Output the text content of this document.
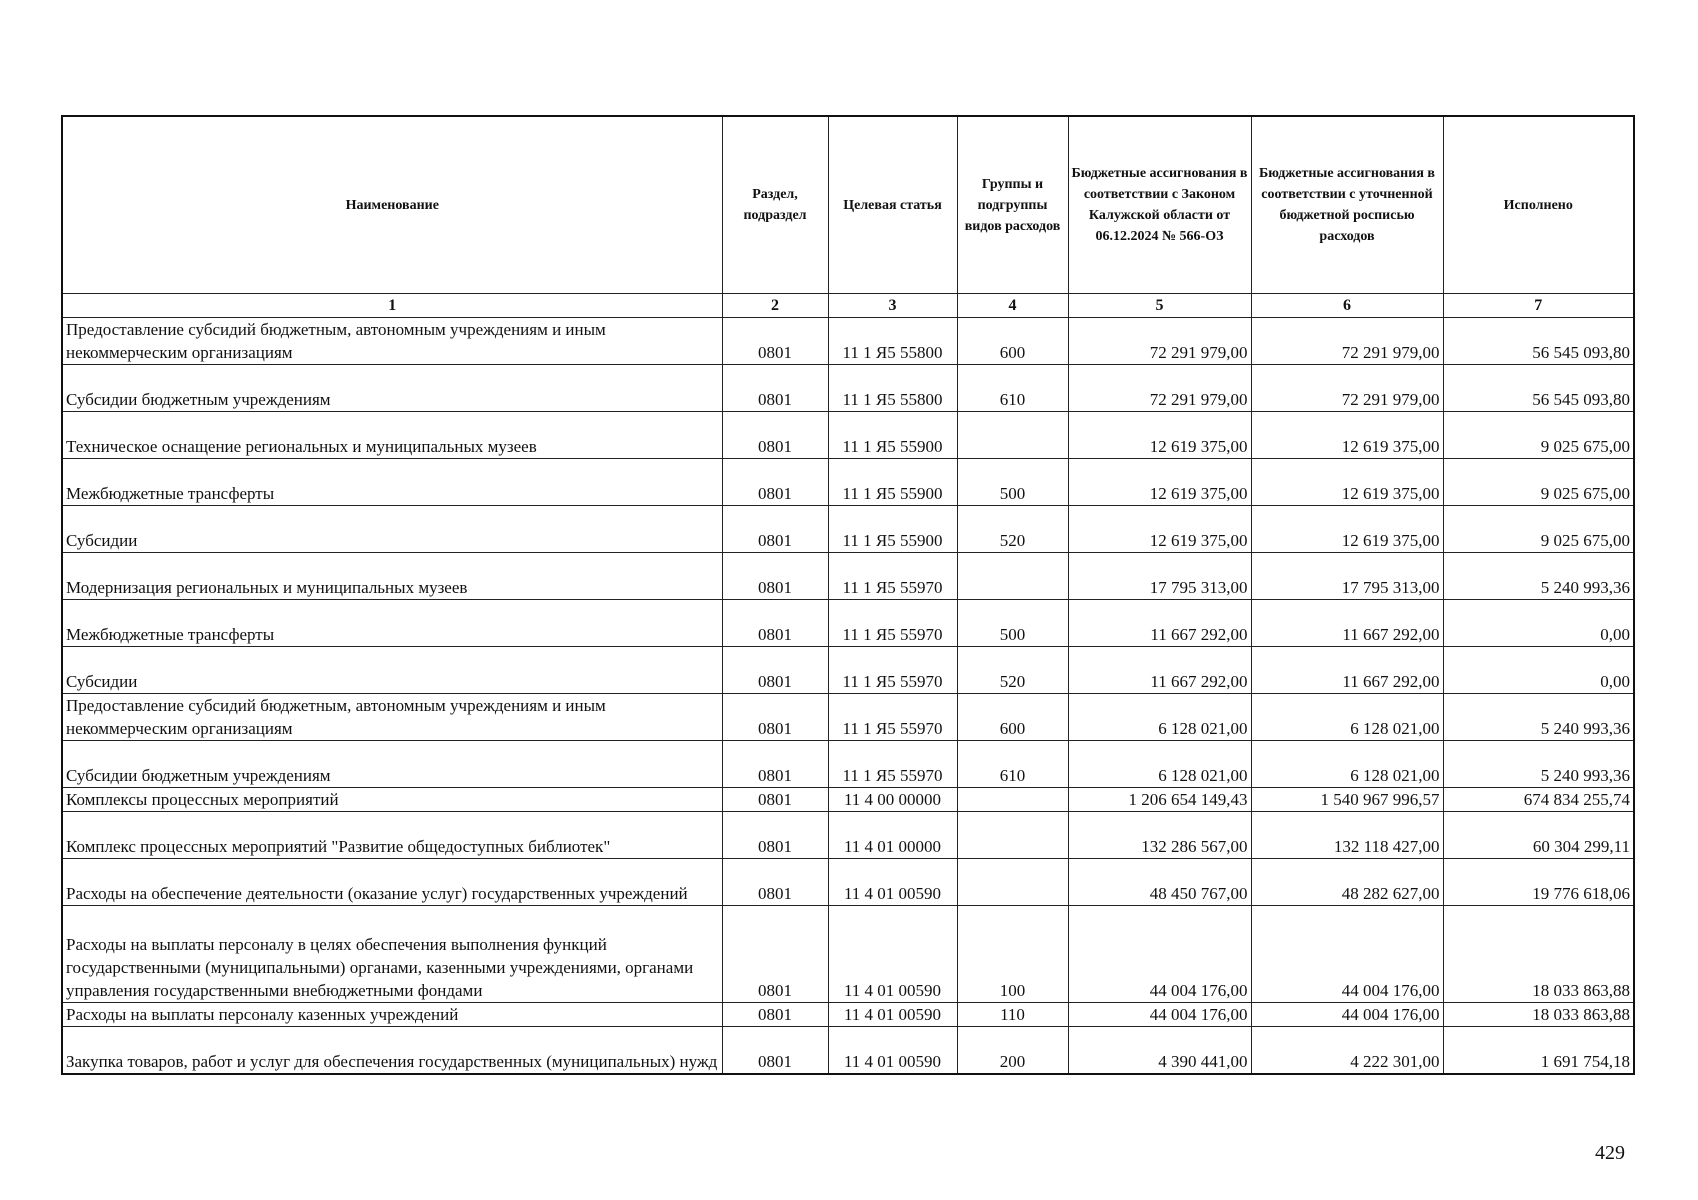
Наименование	Раздел, подраздел	Целевая статья	Группы и подгруппы видов расходов	Бюджетные ассигнования в соответствии с Законом Калужской области от 06.12.2024 № 566-ОЗ	Бюджетные ассигнования в соответствии с уточненной бюджетной росписью расходов	Исполнено
1	2	3	4	5	6	7
Предоставление субсидий бюджетным, автономным учреждениям и иным некоммерческим организациям	0801	11 1 Я5 55800	600	72 291 979,00	72 291 979,00	56 545 093,80
Субсидии бюджетным учреждениям	0801	11 1 Я5 55800	610	72 291 979,00	72 291 979,00	56 545 093,80
Техническое оснащение региональных и муниципальных музеев	0801	11 1 Я5 55900		12 619 375,00	12 619 375,00	9 025 675,00
Межбюджетные трансферты	0801	11 1 Я5 55900	500	12 619 375,00	12 619 375,00	9 025 675,00
Субсидии	0801	11 1 Я5 55900	520	12 619 375,00	12 619 375,00	9 025 675,00
Модернизация региональных и муниципальных музеев	0801	11 1 Я5 55970		17 795 313,00	17 795 313,00	5 240 993,36
Межбюджетные трансферты	0801	11 1 Я5 55970	500	11 667 292,00	11 667 292,00	0,00
Субсидии	0801	11 1 Я5 55970	520	11 667 292,00	11 667 292,00	0,00
Предоставление субсидий бюджетным, автономным учреждениям и иным некоммерческим организациям	0801	11 1 Я5 55970	600	6 128 021,00	6 128 021,00	5 240 993,36
Субсидии бюджетным учреждениям	0801	11 1 Я5 55970	610	6 128 021,00	6 128 021,00	5 240 993,36
Комплексы процессных мероприятий	0801	11 4 00 00000		1 206 654 149,43	1 540 967 996,57	674 834 255,74
Комплекс процессных мероприятий "Развитие общедоступных библиотек"	0801	11 4 01 00000		132 286 567,00	132 118 427,00	60 304 299,11
Расходы на обеспечение деятельности (оказание услуг) государственных учреждений	0801	11 4 01 00590		48 450 767,00	48 282 627,00	19 776 618,06
Расходы на выплаты персоналу в целях обеспечения выполнения функций государственными (муниципальными) органами, казенными учреждениями, органами управления государственными внебюджетными фондами	0801	11 4 01 00590	100	44 004 176,00	44 004 176,00	18 033 863,88
Расходы на выплаты персоналу казенных учреждений	0801	11 4 01 00590	110	44 004 176,00	44 004 176,00	18 033 863,88
Закупка товаров, работ и услуг для обеспечения государственных (муниципальных) нужд	0801	11 4 01 00590	200	4 390 441,00	4 222 301,00	1 691 754,18
429
